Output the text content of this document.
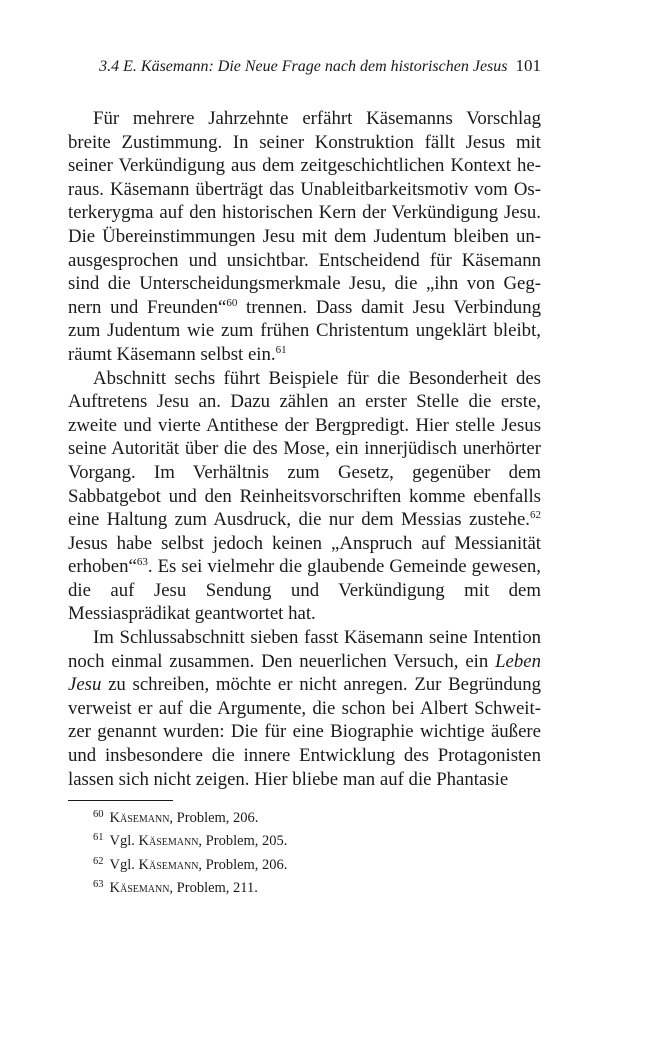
3.4 E. Käsemann: Die Neue Frage nach dem historischen Jesus 101

Für mehrere Jahrzehnte erfährt Käsemanns Vorschlag breite Zustimmung. In seiner Konstruktion fällt Jesus mit seiner Verkündigung aus dem zeitgeschichtlichen Kontext heraus. Käsemann überträgt das Unableitbarkeitsmotiv vom Osterkerygma auf den historischen Kern der Verkündigung Jesu. Die Übereinstimmungen Jesu mit dem Judentum bleiben unausgesprochen und unsichtbar. Entscheidend für Käsemann sind die Unterscheidungsmerkmale Jesu, die „ihn von Gegnern und Freunden“$^{60}$ trennen. Dass damit Jesu Verbindung zum Judentum wie zum frühen Christentum ungeklärt bleibt, räumt Käsemann selbst ein.$^{61}$

Abschnitt sechs führt Beispiele für die Besonderheit des Auftretens Jesu an. Dazu zählen an erster Stelle die erste, zweite und vierte Antithese der Bergpredigt. Hier stelle Jesus seine Autorität über die des Mose, ein innerjüdisch unerhörter Vorgang. Im Verhältnis zum Gesetz, gegenüber dem Sabbatgebot und den Reinheitsvorschriften komme ebenfalls eine Haltung zum Ausdruck, die nur dem Messias zustehe.$^{62}$ Jesus habe selbst jedoch keinen „Anspruch auf Messianität erhoben“$^{63}$. Es sei vielmehr die glaubende Gemeinde gewesen, die auf Jesu Sendung und Verkündigung mit dem Messiasprädikat geantwortet hat.

Im Schlussabschnitt sieben fasst Käsemann seine Intention noch einmal zusammen. Den neuerlichen Versuch, ein Leben Jesu zu schreiben, möchte er nicht anregen. Zur Begründung verweist er auf die Argumente, die schon bei Albert Schweitzer genannt wurden: Die für eine Biographie wichtige äußere und insbesondere die innere Entwicklung des Protagonisten lassen sich nicht zeigen. Hier bliebe man auf die Phantasie

$^{60}$ Käsemann, Problem, 206.
$^{61}$ Vgl. Käsemann, Problem, 205.
$^{62}$ Vgl. Käsemann, Problem, 206.
$^{63}$ Käsemann, Problem, 211.
